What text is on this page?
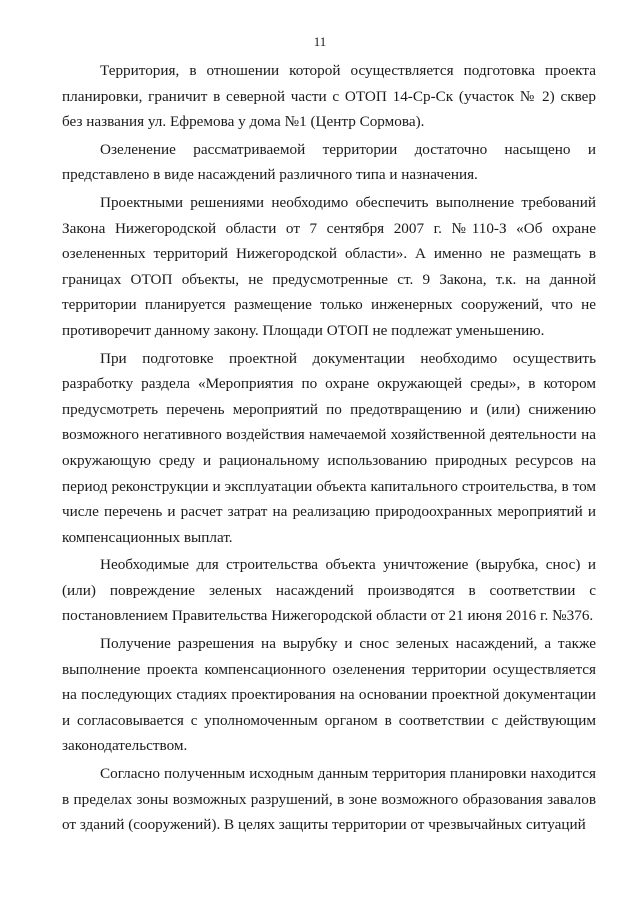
11

Территория, в отношении которой осуществляется подготовка проекта планировки, граничит в северной части с ОТОП 14-Ср-Ск (участок № 2) сквер без названия ул. Ефремова у дома №1 (Центр Сормова).

Озеленение рассматриваемой территории достаточно насыщено и представлено в виде насаждений различного типа и назначения.

Проектными решениями необходимо обеспечить выполнение требований Закона Нижегородской области от 7 сентября 2007 г. №110-З «Об охране озелененных территорий Нижегородской области». А именно не размещать в границах ОТОП объекты, не предусмотренные ст. 9 Закона, т.к. на данной территории планируется размещение только инженерных сооружений, что не противоречит данному закону. Площади ОТОП не подлежат уменьшению.

При подготовке проектной документации необходимо осуществить разработку раздела «Мероприятия по охране окружающей среды», в котором предусмотреть перечень мероприятий по предотвращению и (или) снижению возможного негативного воздействия намечаемой хозяйственной деятельности на окружающую среду и рациональному использованию природных ресурсов на период реконструкции и эксплуатации объекта капитального строительства, в том числе перечень и расчет затрат на реализацию природоохранных мероприятий и компенсационных выплат.

Необходимые для строительства объекта уничтожение (вырубка, снос) и (или) повреждение зеленых насаждений производятся в соответствии с постановлением Правительства Нижегородской области от 21 июня 2016 г. №376.

Получение разрешения на вырубку и снос зеленых насаждений, а также выполнение проекта компенсационного озеленения территории осуществляется на последующих стадиях проектирования на основании проектной документации и согласовывается с уполномоченным органом в соответствии с действующим законодательством.

Согласно полученным исходным данным территория планировки находится в пределах зоны возможных разрушений, в зоне возможного образования завалов от зданий (сооружений). В целях защиты территории от чрезвычайных ситуаций
